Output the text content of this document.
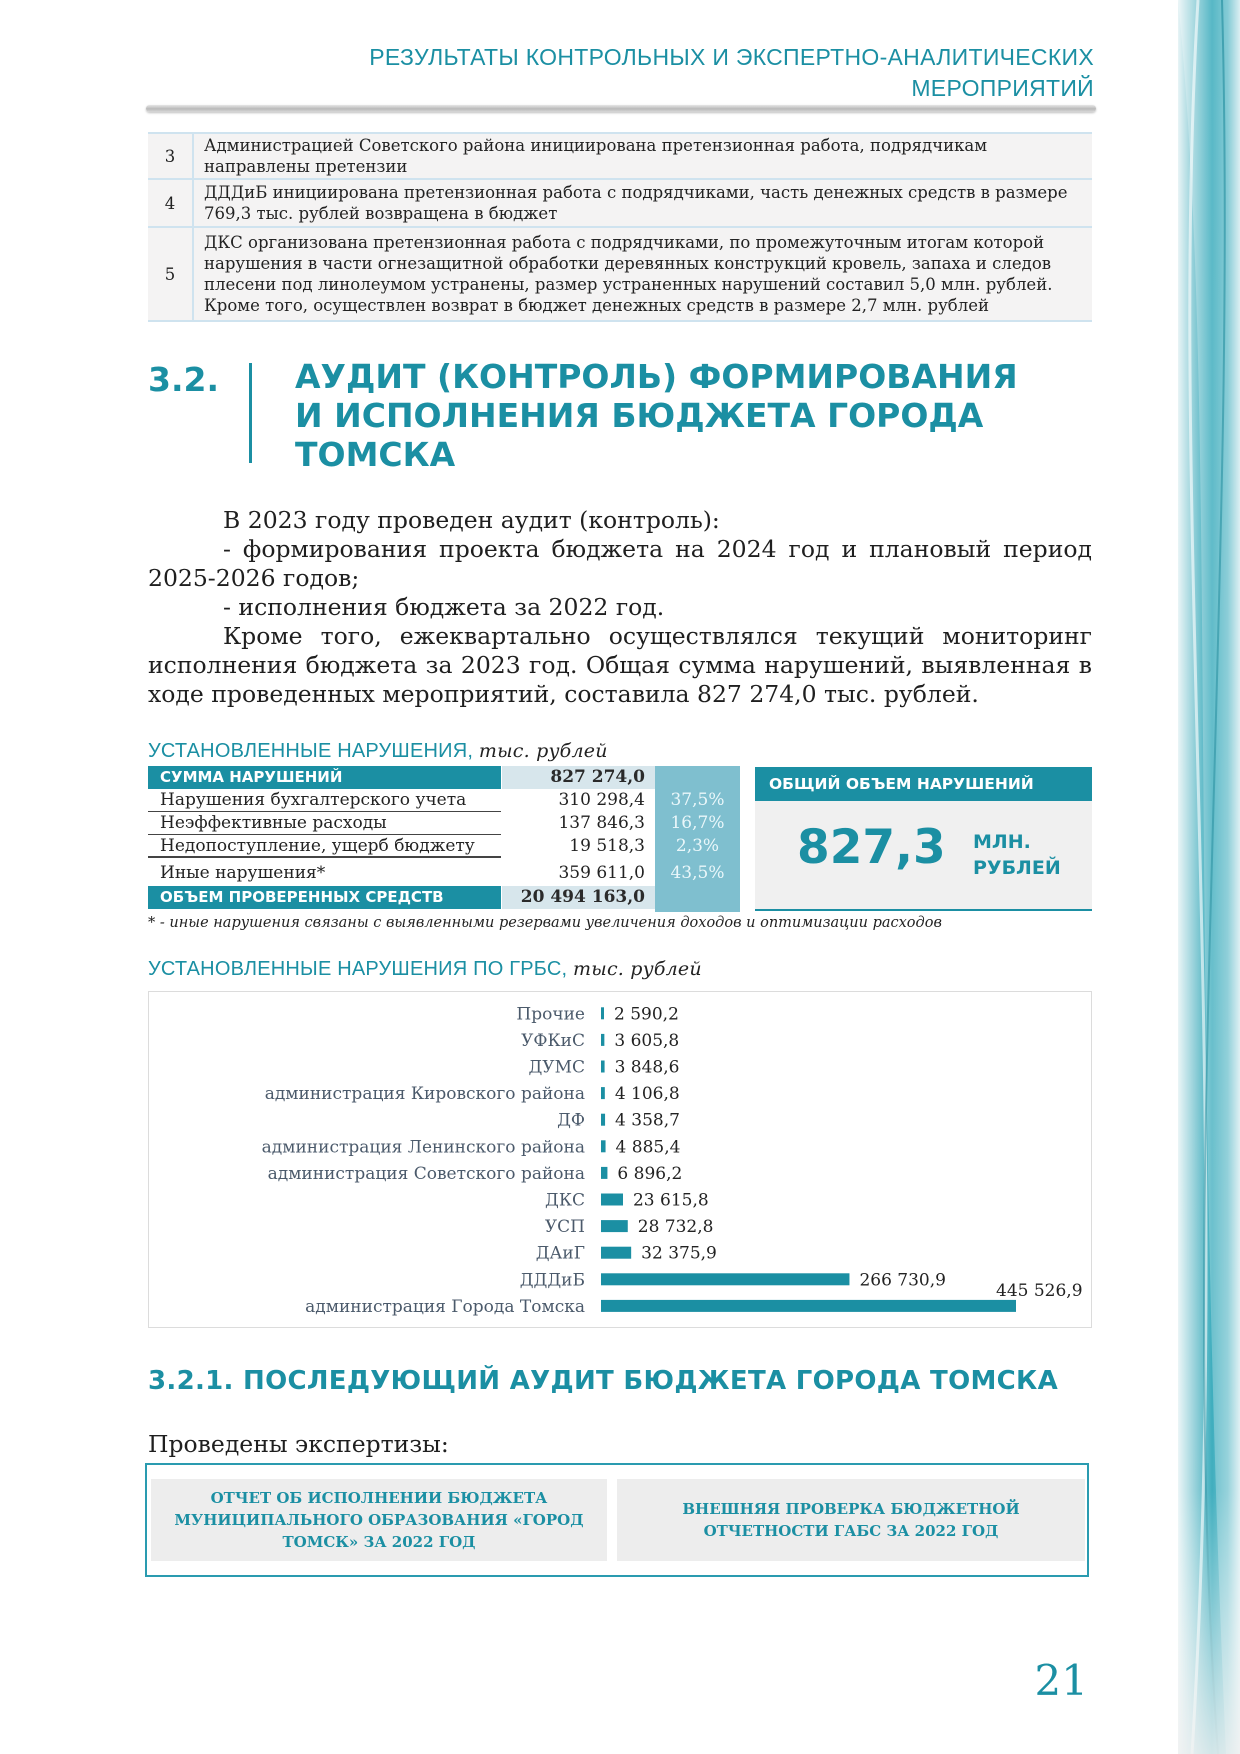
РЕЗУЛЬТАТЫ КОНТРОЛЬНЫХ И ЭКСПЕРТНО-АНАЛИТИЧЕСКИХ
МЕРОПРИЯТИЙ
3	Администрацией Советского района инициирована претензионная работа, подрядчикам направлены претензии
4	ДДДиБ инициирована претензионная работа с подрядчиками, часть денежных средств в размере 769,3 тыс. рублей возвращена в бюджет
5	ДКС организована претензионная работа с подрядчиками, по промежуточным итогам которой нарушения в части огнезащитной обработки деревянных конструкций кровель, запаха и следов плесени под линолеумом устранены, размер устраненных нарушений составил 5,0 млн. рублей. Кроме того, осуществлен возврат в бюджет денежных средств в размере 2,7 млн. рублей
3.2. АУДИТ (КОНТРОЛЬ) ФОРМИРОВАНИЯ И ИСПОЛНЕНИЯ БЮДЖЕТА ГОРОДА ТОМСКА

В 2023 году проведен аудит (контроль):

- формирования проекта бюджета на 2024 год и плановый период 2025-2026 годов;

- исполнения бюджета за 2022 год.

Кроме того, ежеквартально осуществлялся текущий мониторинг исполнения бюджета за 2023 год. Общая сумма нарушений, выявленная в ходе проведенных мероприятий, составила 827 274,0 тыс. рублей.

УСТАНОВЛЕННЫЕ НАРУШЕНИЯ, тыс. рублей
СУММА НАРУШЕНИЙ	827 274,0
Нарушения бухгалтерского учета	310 298,4	37,5%
Неэффективные расходы	137 846,3	16,7%
Недопоступление, ущерб бюджету	19 518,3	2,3%
Иные нарушения*	359 611,0	43,5%
ОБЪЕМ ПРОВЕРЕННЫХ СРЕДСТВ	20 494 163,0
* - иные нарушения связаны с выявленными резервами увеличения доходов и оптимизации расходов
ОБЩИЙ ОБЪЕМ НАРУШЕНИЙ
827,3 МЛН.
РУБЛЕЙ
УСТАНОВЛЕННЫЕ НАРУШЕНИЯ ПО ГРБС, тыс. рублей
Прочие 2 590,2
УФКиС 3 605,8
ДУМС 3 848,6
администрация Кировского района 4 106,8
ДФ 4 358,7
администрация Ленинского района 4 885,4
администрация Советского района 6 896,2
ДКС	23 615,8
УСП	28 732,8
ДАиГ	32 375,9
ДДДиБ	266 730,9
администрация Города Томска
445 526,9
3.2.1. ПОСЛЕДУЮЩИЙ АУДИТ БЮДЖЕТА ГОРОДА ТОМСКА
Проведены экспертизы:
ОТЧЕТ ОБ ИСПОЛНЕНИИ БЮДЖЕТА МУНИЦИПАЛЬНОГО ОБРАЗОВАНИЯ «ГОРОД ТОМСК» ЗА 2022 ГОД
ВНЕШНЯЯ ПРОВЕРКА БЮДЖЕТНОЙ ОТЧЕТНОСТИ ГАБС ЗА 2022 ГОД
21
